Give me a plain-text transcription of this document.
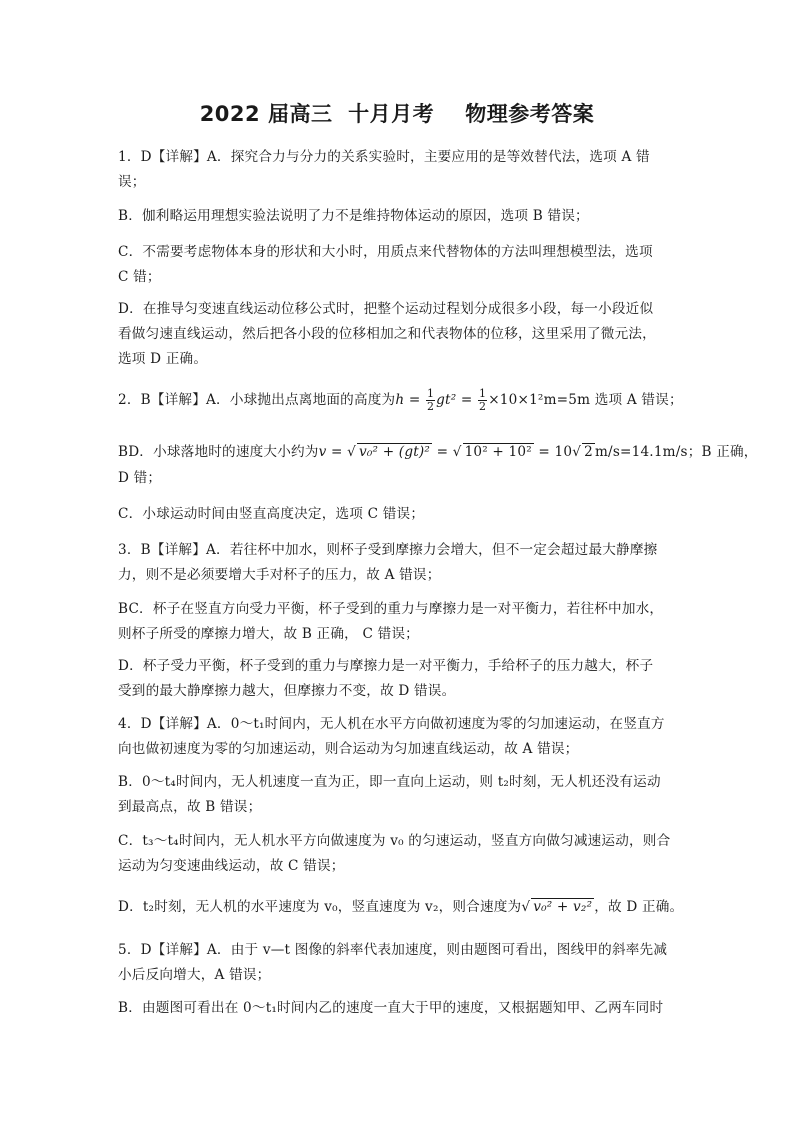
2022 届高三  十月月考    物理参考答案
1．D【详解】A．探究合力与分力的关系实验时，主要应用的是等效替代法，选项 A 错
误；
B．伽利略运用理想实验法说明了力不是维持物体运动的原因，选项 B 错误；
C．不需要考虑物体本身的形状和大小时，用质点来代替物体的方法叫理想模型法，选项
C 错；
D．在推导匀变速直线运动位移公式时，把整个运动过程划分成很多小段，每一小段近似
看做匀速直线运动，然后把各小段的位移相加之和代表物体的位移，这里采用了微元法，
选项 D 正确。
2．B【详解】A．小球抛出点离地面的高度为$h = \frac{1}{2} gt^2 = \frac{1}{2} \times 10\times 1^2m=5m$ 选项 A 错误；
BD．小球落地时的速度大小约为v = √ v₀² + (gt)² = √ 10² + 10² = 10√ 2 m/s=14.1m/s；B 正确，
D 错；
C．小球运动时间由竖直高度决定，选项 C 错误；
3．B【详解】A．若往杯中加水，则杯子受到摩擦力会增大，但不一定会超过最大静摩擦
力，则不是必须要增大手对杯子的压力，故 A 错误；
BC．杯子在竖直方向受力平衡，杯子受到的重力与摩擦力是一对平衡力，若往杯中加水，
则杯子所受的摩擦力增大，故 B 正确， C 错误；
D．杯子受力平衡，杯子受到的重力与摩擦力是一对平衡力，手给杯子的压力越大，杯子
受到的最大静摩擦力越大，但摩擦力不变，故 D 错误。
4．D【详解】A．0～t₁时间内，无人机在水平方向做初速度为零的匀加速运动，在竖直方
向也做初速度为零的匀加速运动，则合运动为匀加速直线运动，故 A 错误；
B．0～t₄时间内，无人机速度一直为正，即一直向上运动，则 t₂时刻，无人机还没有运动
到最高点，故 B 错误；
C．t₃～t₄时间内，无人机水平方向做速度为 v₀ 的匀速运动，竖直方向做匀减速运动，则合
运动为匀变速曲线运动，故 C 错误；
D．t₂时刻，无人机的水平速度为 v₀，竖直速度为 v₂，则合速度为√ v₀² + v₂² ，故 D 正确。
5．D【详解】A．由于 v—t 图像的斜率代表加速度，则由题图可看出，图线甲的斜率先减
小后反向增大，A 错误；
B．由题图可看出在 0～t₁时间内乙的速度一直大于甲的速度，又根据题知甲、乙两车同时
